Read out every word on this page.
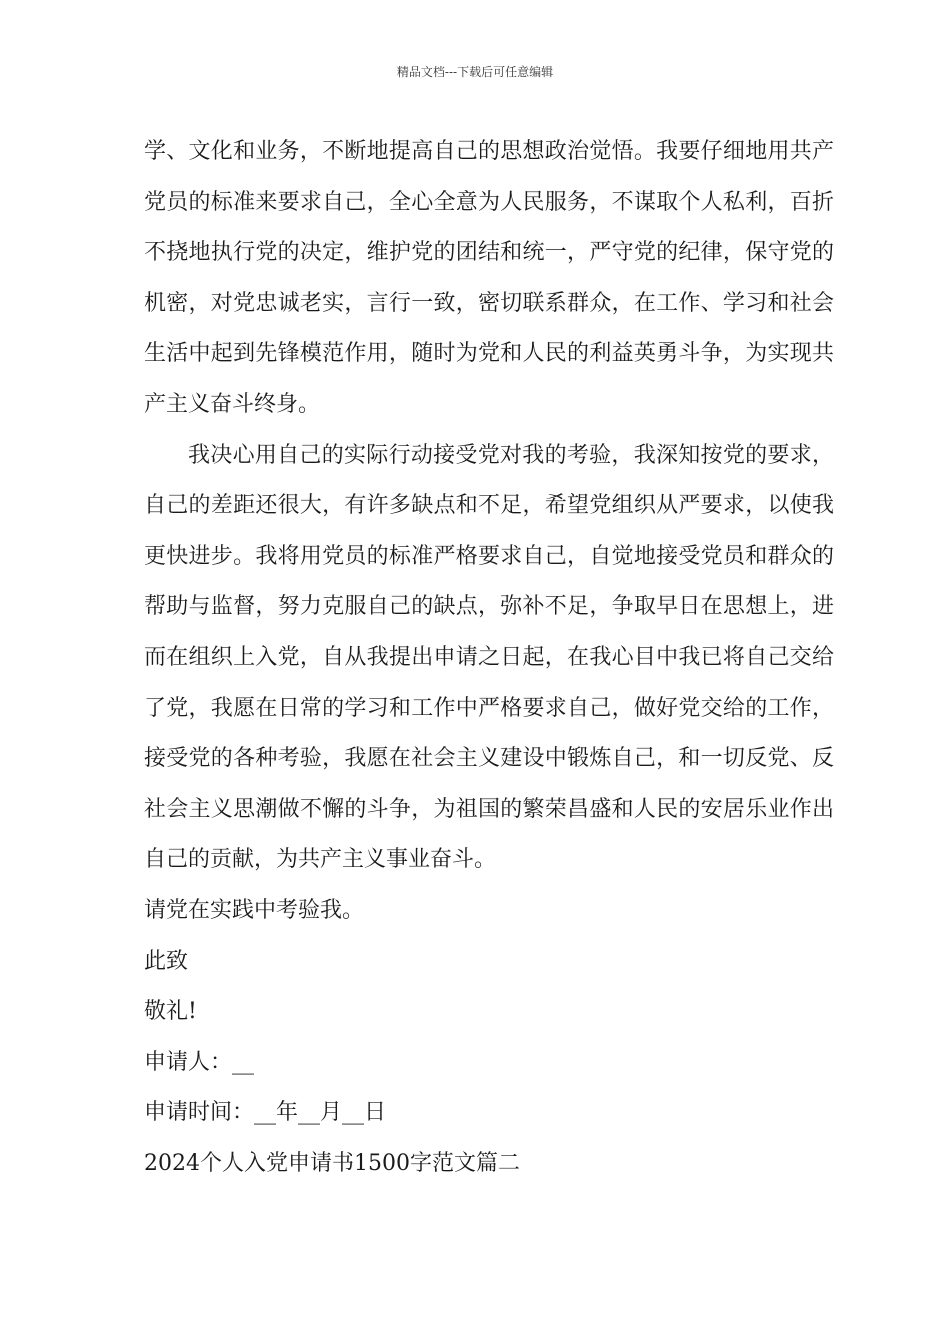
精品文档---下载后可任意编辑

学、文化和业务，不断地提高自己的思想政治觉悟。我要仔细地用共产党员的标准来要求自己，全心全意为人民服务，不谋取个人私利，百折不挠地执行党的决定，维护党的团结和统一，严守党的纪律，保守党的机密，对党忠诚老实，言行一致，密切联系群众，在工作、学习和社会生活中起到先锋模范作用，随时为党和人民的利益英勇斗争，为实现共产主义奋斗终身。

我决心用自己的实际行动接受党对我的考验，我深知按党的要求，自己的差距还很大，有许多缺点和不足，希望党组织从严要求，以使我更快进步。我将用党员的标准严格要求自己，自觉地接受党员和群众的帮助与监督，努力克服自己的缺点，弥补不足，争取早日在思想上，进而在组织上入党，自从我提出申请之日起，在我心目中我已将自己交给了党，我愿在日常的学习和工作中严格要求自己，做好党交给的工作，接受党的各种考验，我愿在社会主义建设中锻炼自己，和一切反党、反社会主义思潮做不懈的斗争，为祖国的繁荣昌盛和人民的安居乐业作出自己的贡献，为共产主义事业奋斗。

请党在实践中考验我。

此致

敬礼!

申请人：__

申请时间：__年__月__日

2024个人入党申请书1500字范文篇二
